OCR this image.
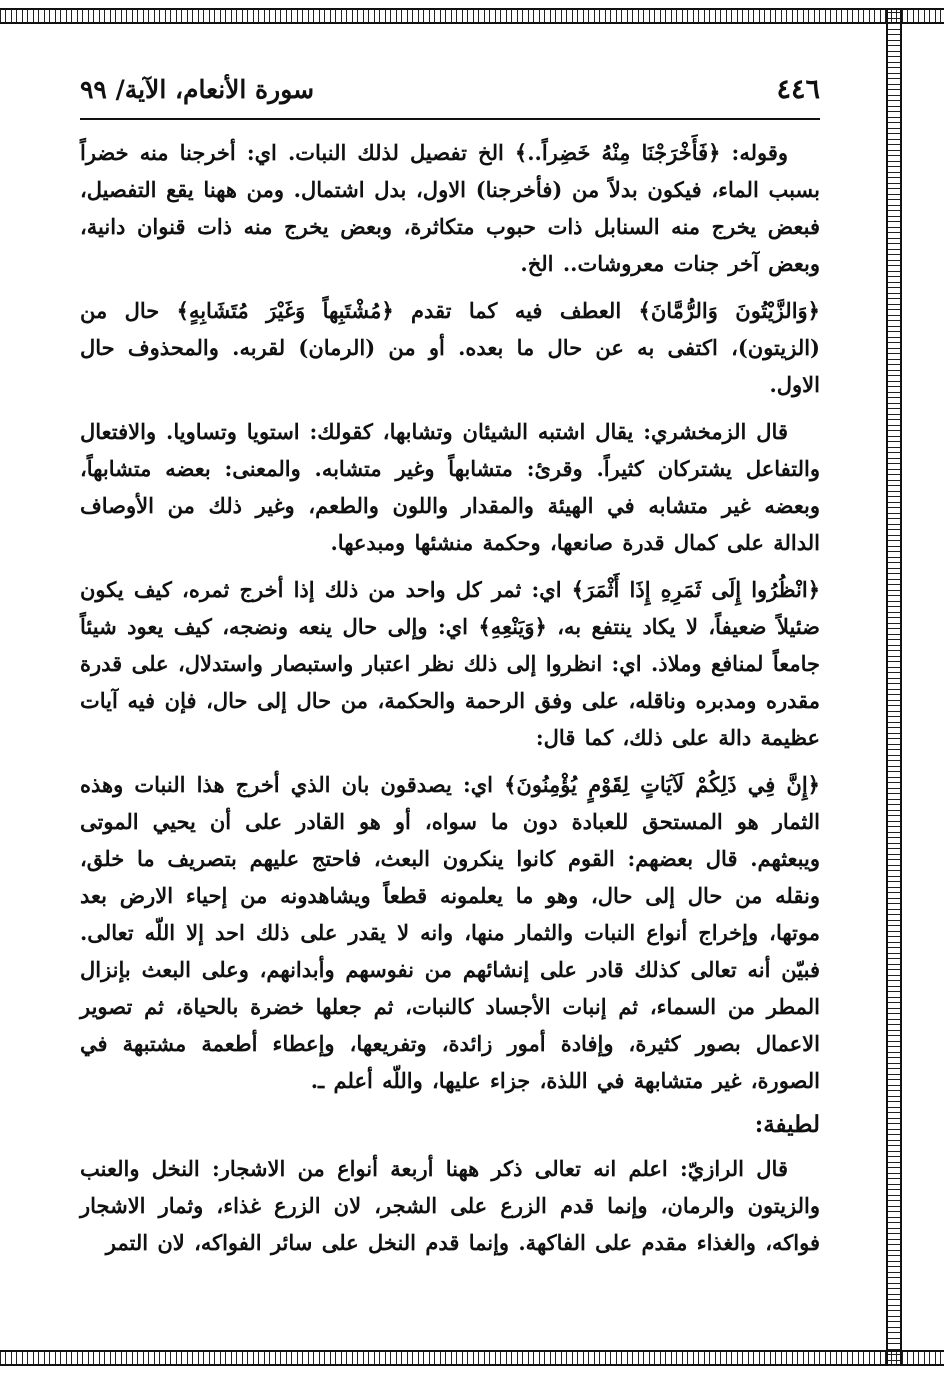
٤٤٦
سورة الأنعام، الآية/ ٩٩

وقوله: ﴿فَأَخْرَجْنَا مِنْهُ خَضِراً..﴾ الخ تفصيل لذلك النبات. اي: أخرجنا منه خضراً بسبب الماء، فيكون بدلاً من (فأخرجنا) الاول، بدل اشتمال. ومن ههنا يقع التفصيل، فبعض يخرج منه السنابل ذات حبوب متكاثرة، وبعض يخرج منه ذات قنوان دانية، وبعض آخر جنات معروشات.. الخ.

﴿وَالزَّيْتُونَ وَالرُّمَّانَ﴾ العطف فيه كما تقدم ﴿مُشْتَبِهاً وَغَيْرَ مُتَشَابِهٍ﴾ حال من (الزيتون)، اكتفى به عن حال ما بعده. أو من (الرمان) لقربه. والمحذوف حال الاول.

قال الزمخشري: يقال اشتبه الشيئان وتشابها، كقولك: استويا وتساويا. والافتعال والتفاعل يشتركان كثيراً. وقرئ: متشابهاً وغير متشابه. والمعنى: بعضه متشابهاً، وبعضه غير متشابه في الهيئة والمقدار واللون والطعم، وغير ذلك من الأوصاف الدالة على كمال قدرة صانعها، وحكمة منشئها ومبدعها.

﴿انْظُرُوا إِلَى ثَمَرِهِ إِذَا أَثْمَرَ﴾ اي: ثمر كل واحد من ذلك إذا أخرج ثمره، كيف يكون ضئيلاً ضعيفاً، لا يكاد ينتفع به، ﴿وَيَنْعِهِ﴾ اي: وإلى حال ينعه ونضجه، كيف يعود شيئاً جامعاً لمنافع وملاذ. اي: انظروا إلى ذلك نظر اعتبار واستبصار واستدلال، على قدرة مقدره ومدبره وناقله، على وفق الرحمة والحكمة، من حال إلى حال، فإن فيه آيات عظيمة دالة على ذلك، كما قال:

﴿إِنَّ فِي ذَلِكُمْ لَآيَاتٍ لِقَوْمٍ يُؤْمِنُونَ﴾ اي: يصدقون بان الذي أخرج هذا النبات وهذه الثمار هو المستحق للعبادة دون ما سواه، أو هو القادر على أن يحيي الموتى ويبعثهم. قال بعضهم: القوم كانوا ينكرون البعث، فاحتج عليهم بتصريف ما خلق، ونقله من حال إلى حال، وهو ما يعلمونه قطعاً ويشاهدونه من إحياء الارض بعد موتها، وإخراج أنواع النبات والثمار منها، وانه لا يقدر على ذلك احد إلا اللّه تعالى. فبيّن أنه تعالى كذلك قادر على إنشائهم من نفوسهم وأبدانهم، وعلى البعث بإنزال المطر من السماء، ثم إنبات الأجساد كالنبات، ثم جعلها خضرة بالحياة، ثم تصوير الاعمال بصور كثيرة، وإفادة أمور زائدة، وتفريعها، وإعطاء أطعمة مشتبهة في الصورة، غير متشابهة في اللذة، جزاء عليها، واللّه أعلم ـ.

لطيفة:

قال الرازيّ: اعلم انه تعالى ذكر ههنا أربعة أنواع من الاشجار: النخل والعنب والزيتون والرمان، وإنما قدم الزرع على الشجر، لان الزرع غذاء، وثمار الاشجار فواكه، والغذاء مقدم على الفاكهة. وإنما قدم النخل على سائر الفواكه، لان التمر
